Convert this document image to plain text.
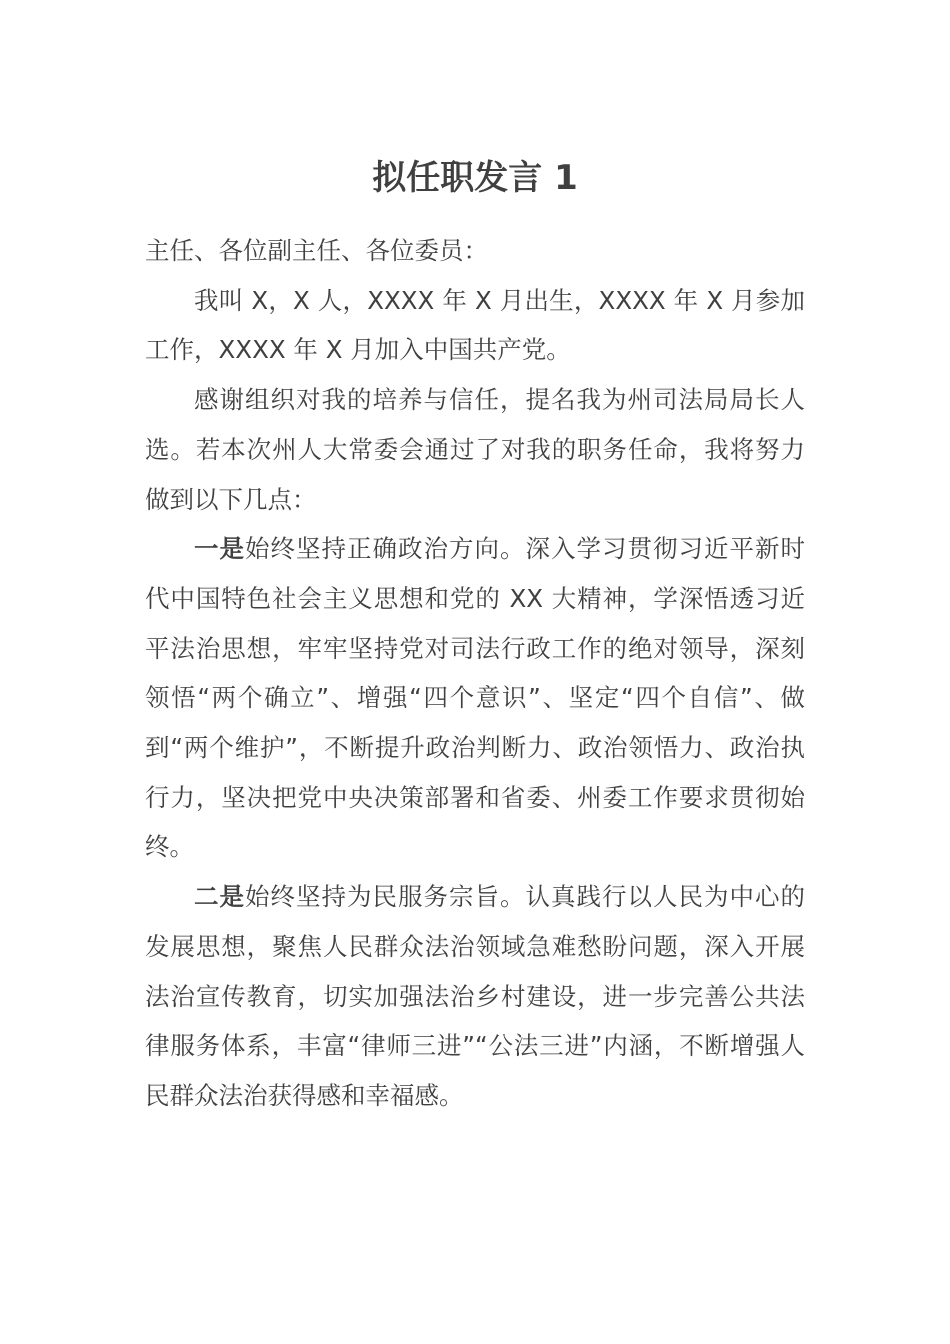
拟任职发言 1

主任、各位副主任、各位委员：

我叫 X，X 人，XXXX 年 X 月出生，XXXX 年 X 月参加工作，XXXX 年 X 月加入中国共产党。

感谢组织对我的培养与信任，提名我为州司法局局长人选。若本次州人大常委会通过了对我的职务任命，我将努力做到以下几点：

一是始终坚持正确政治方向。深入学习贯彻习近平新时代中国特色社会主义思想和党的 XX 大精神，学深悟透习近平法治思想，牢牢坚持党对司法行政工作的绝对领导，深刻领悟“两个确立”、增强“四个意识”、坚定“四个自信”、做到“两个维护”，不断提升政治判断力、政治领悟力、政治执行力，坚决把党中央决策部署和省委、州委工作要求贯彻始终。

二是始终坚持为民服务宗旨。认真践行以人民为中心的发展思想，聚焦人民群众法治领域急难愁盼问题，深入开展法治宣传教育，切实加强法治乡村建设，进一步完善公共法律服务体系，丰富“律师三进”“公法三进”内涵，不断增强人民群众法治获得感和幸福感。
